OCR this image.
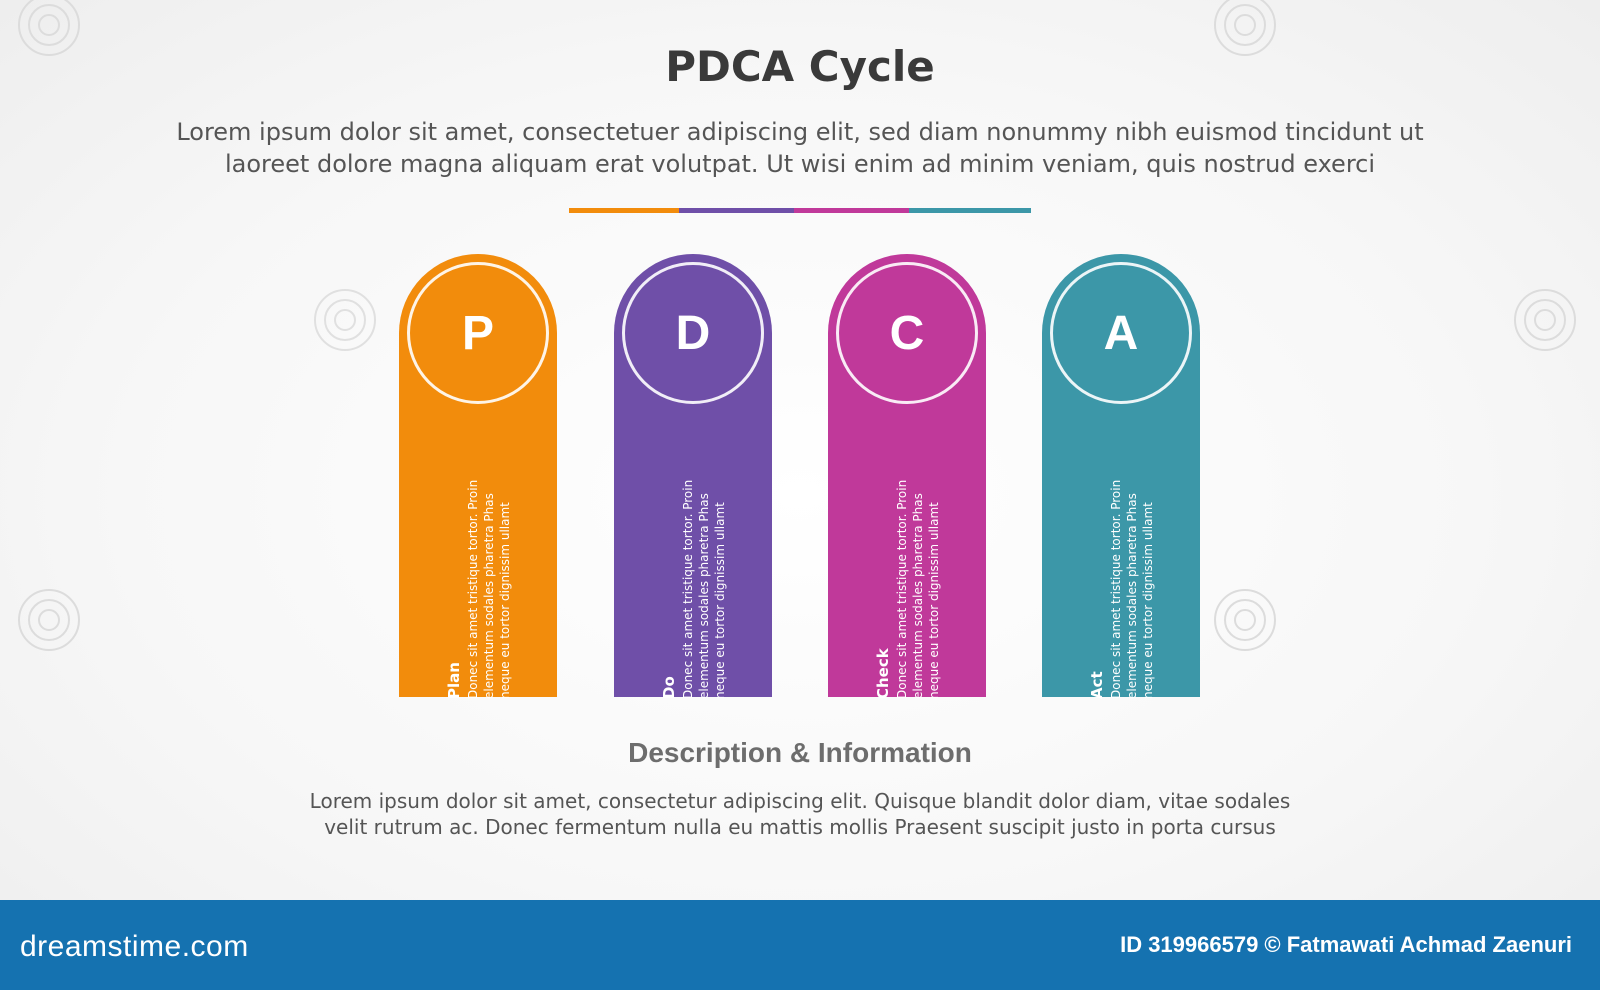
PDCA Cycle
Lorem ipsum dolor sit amet, consectetuer adipiscing elit, sed diam nonummy nibh euismod tincidunt ut
laoreet dolore magna aliquam erat volutpat. Ut wisi enim ad minim veniam, quis nostrud exerci
P
Plan Donec sit amet tristique tortor. Proin elementum sodales pharetra Phas neque eu tortor dignissim ullamt
D
Do Donec sit amet tristique tortor. Proin elementum sodales pharetra Phas neque eu tortor dignissim ullamt
C
Check Donec sit amet tristique tortor. Proin elementum sodales pharetra Phas neque eu tortor dignissim ullamt
A
Act Donec sit amet tristique tortor. Proin elementum sodales pharetra Phas neque eu tortor dignissim ullamt
Description & Information
Lorem ipsum dolor sit amet, consectetur adipiscing elit. Quisque blandit dolor diam, vitae sodales
velit rutrum ac. Donec fermentum nulla eu mattis mollis Praesent suscipit justo in porta cursus
dreamstime.com	ID 319966579 © Fatmawati Achmad Zaenuri
